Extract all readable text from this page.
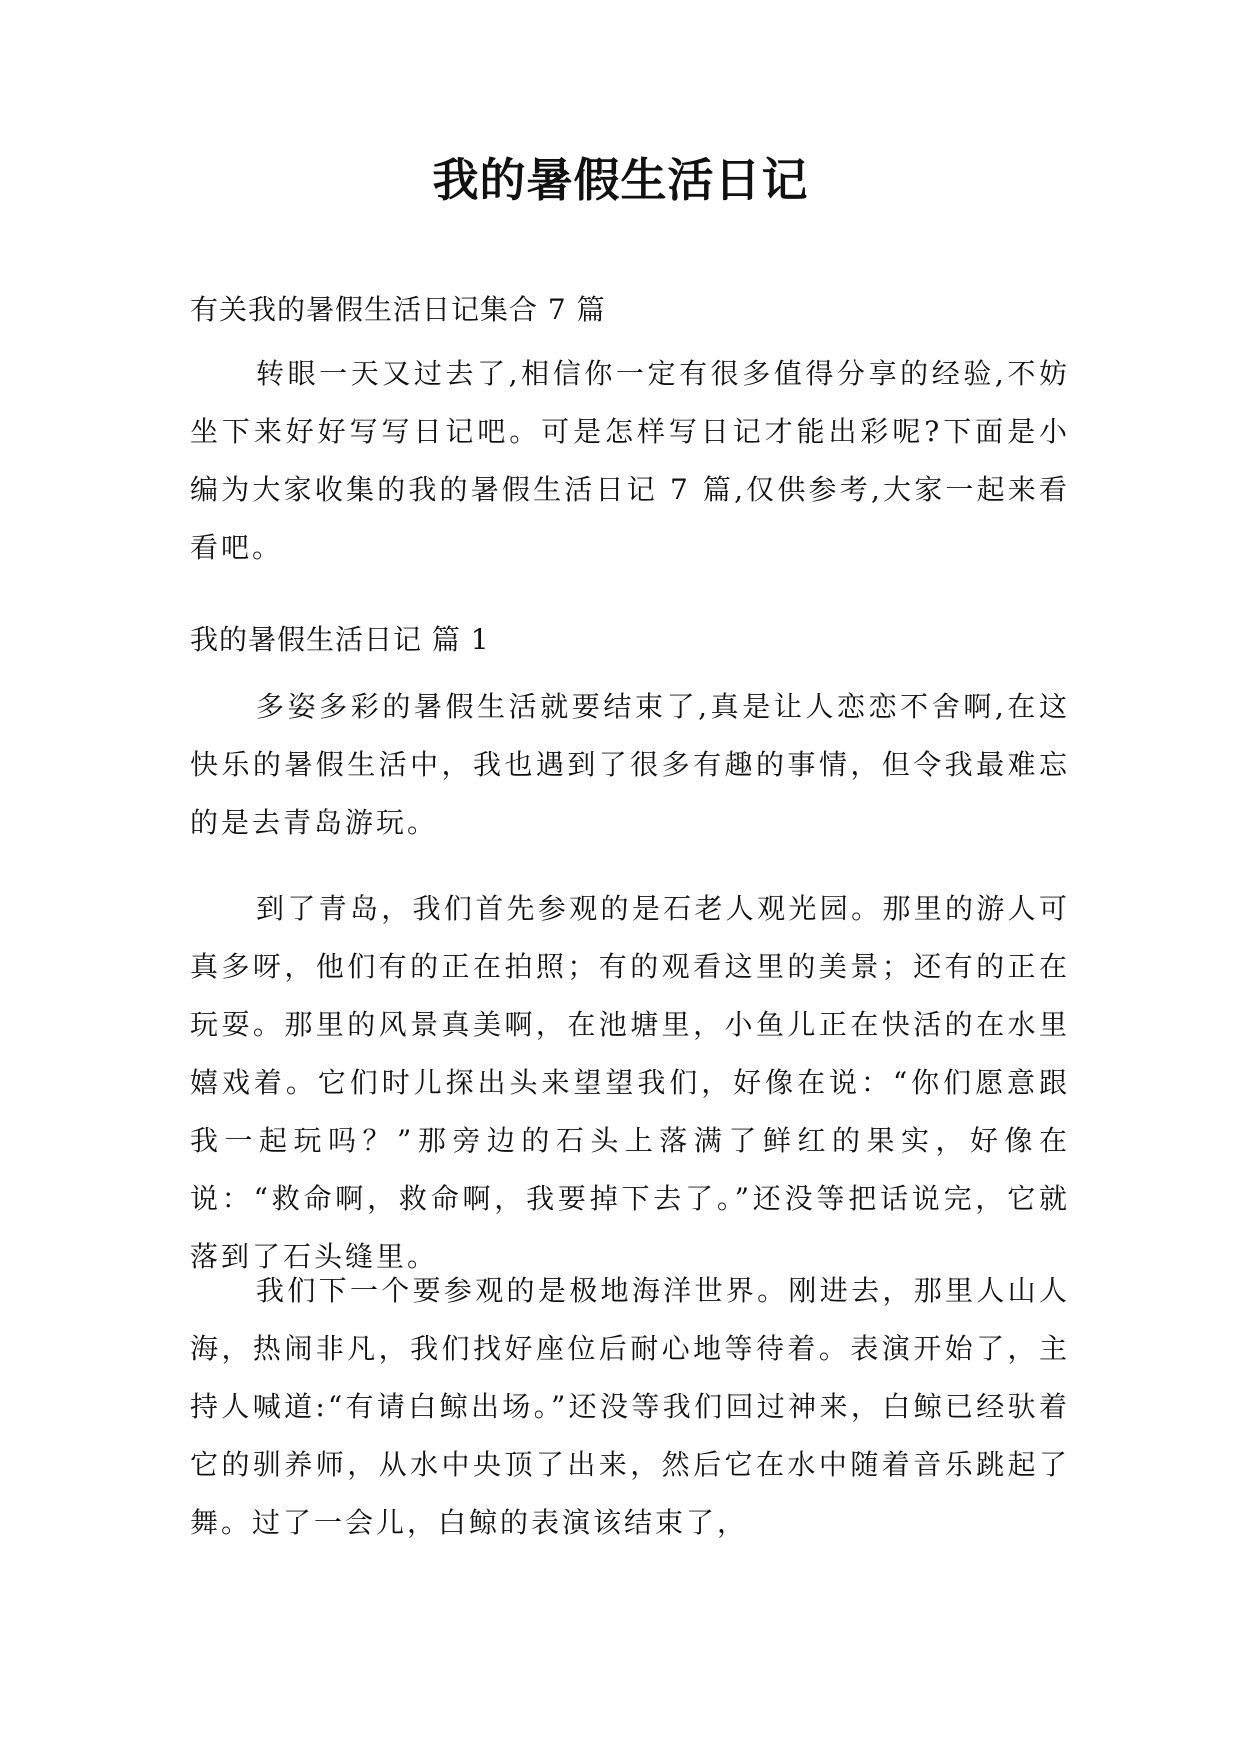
我的暑假生活日记

有关我的暑假生活日记集合 7 篇

转眼一天又过去了,相信你一定有很多值得分享的经验,不妨坐下来好好写写日记吧。可是怎样写日记才能出彩呢?下面是小编为大家收集的我的暑假生活日记 7 篇,仅供参考,大家一起来看看吧。

我的暑假生活日记 篇 1

多姿多彩的暑假生活就要结束了,真是让人恋恋不舍啊,在这快乐的暑假生活中，我也遇到了很多有趣的事情，但令我最难忘的是去青岛游玩。

到了青岛，我们首先参观的是石老人观光园。那里的游人可真多呀，他们有的正在拍照；有的观看这里的美景；还有的正在玩耍。那里的风景真美啊，在池塘里，小鱼儿正在快活的在水里嬉戏着。它们时儿探出头来望望我们，好像在说：“你们愿意跟我一起玩吗？”那旁边的石头上落满了鲜红的果实，好像在说：“救命啊，救命啊，我要掉下去了。”还没等把话说完，它就落到了石头缝里。

我们下一个要参观的是极地海洋世界。刚进去，那里人山人海，热闹非凡，我们找好座位后耐心地等待着。表演开始了，主持人喊道:“有请白鲸出场。”还没等我们回过神来，白鲸已经驮着它的驯养师，从水中央顶了出来，然后它在水中随着音乐跳起了舞。过了一会儿，白鲸的表演该结束了，
